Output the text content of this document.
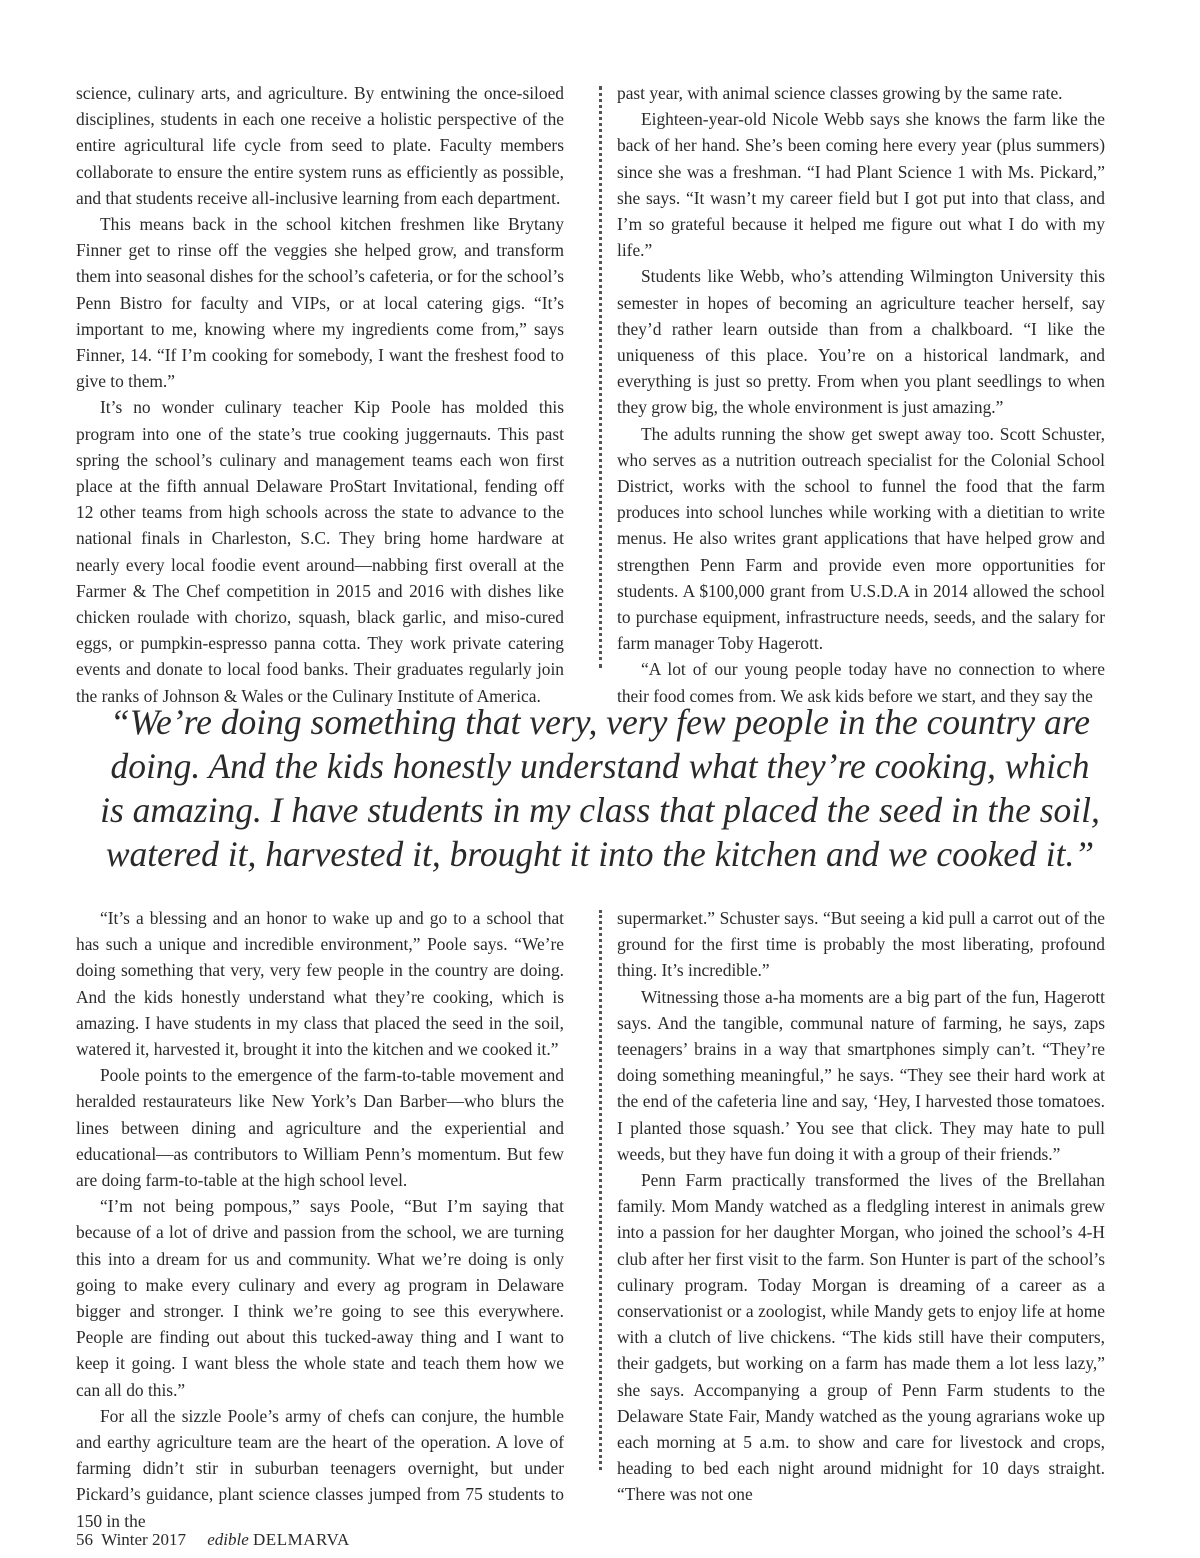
science, culinary arts, and agriculture. By entwining the once-siloed disciplines, students in each one receive a holistic perspective of the entire agricultural life cycle from seed to plate. Faculty members collaborate to ensure the entire system runs as efficiently as possible, and that students receive all-inclusive learning from each department.

This means back in the school kitchen freshmen like Brytany Finner get to rinse off the veggies she helped grow, and transform them into seasonal dishes for the school’s cafeteria, or for the school’s Penn Bistro for faculty and VIPs, or at local catering gigs. “It’s important to me, knowing where my ingredients come from,” says Finner, 14. “If I’m cooking for somebody, I want the freshest food to give to them.”

It’s no wonder culinary teacher Kip Poole has molded this program into one of the state’s true cooking juggernauts. This past spring the school’s culinary and management teams each won first place at the fifth annual Delaware ProStart Invitational, fending off 12 other teams from high schools across the state to advance to the national finals in Charleston, S.C. They bring home hardware at nearly every local foodie event around—nabbing first overall at the Farmer & The Chef competition in 2015 and 2016 with dishes like chicken roulade with chorizo, squash, black garlic, and miso-cured eggs, or pumpkin-espresso panna cotta. They work private catering events and donate to local food banks. Their graduates regularly join the ranks of Johnson & Wales or the Culinary Institute of America.

past year, with animal science classes growing by the same rate.

Eighteen-year-old Nicole Webb says she knows the farm like the back of her hand. She’s been coming here every year (plus summers) since she was a freshman. “I had Plant Science 1 with Ms. Pickard,” she says. “It wasn’t my career field but I got put into that class, and I’m so grateful because it helped me figure out what I do with my life.”

Students like Webb, who’s attending Wilmington University this semester in hopes of becoming an agriculture teacher herself, say they’d rather learn outside than from a chalkboard. “I like the uniqueness of this place. You’re on a historical landmark, and everything is just so pretty. From when you plant seedlings to when they grow big, the whole environment is just amazing.”

The adults running the show get swept away too. Scott Schuster, who serves as a nutrition outreach specialist for the Colonial School District, works with the school to funnel the food that the farm produces into school lunches while working with a dietitian to write menus. He also writes grant applications that have helped grow and strengthen Penn Farm and provide even more opportunities for students. A $100,000 grant from U.S.D.A in 2014 allowed the school to purchase equipment, infrastructure needs, seeds, and the salary for farm manager Toby Hagerott.

“A lot of our young people today have no connection to where their food comes from. We ask kids before we start, and they say the

“We’re doing something that very, very few people in the country are
doing. And the kids honestly understand what they’re cooking, which
is amazing. I have students in my class that placed the seed in the soil,
watered it, harvested it, brought it into the kitchen and we cooked it.”

“It’s a blessing and an honor to wake up and go to a school that has such a unique and incredible environment,” Poole says. “We’re doing something that very, very few people in the country are doing. And the kids honestly understand what they’re cooking, which is amazing. I have students in my class that placed the seed in the soil, watered it, harvested it, brought it into the kitchen and we cooked it.”

Poole points to the emergence of the farm-to-table movement and heralded restaurateurs like New York’s Dan Barber—who blurs the lines between dining and agriculture and the experiential and educational—as contributors to William Penn’s momentum. But few are doing farm-to-table at the high school level.

“I’m not being pompous,” says Poole, “But I’m saying that because of a lot of drive and passion from the school, we are turning this into a dream for us and community. What we’re doing is only going to make every culinary and every ag program in Delaware bigger and stronger. I think we’re going to see this everywhere. People are finding out about this tucked-away thing and I want to keep it going. I want bless the whole state and teach them how we can all do this.”

For all the sizzle Poole’s army of chefs can conjure, the humble and earthy agriculture team are the heart of the operation. A love of farming didn’t stir in suburban teenagers overnight, but under Pickard’s guidance, plant science classes jumped from 75 students to 150 in the

supermarket.” Schuster says. “But seeing a kid pull a carrot out of the ground for the first time is probably the most liberating, profound thing. It’s incredible.”

Witnessing those a-ha moments are a big part of the fun, Hagerott says. And the tangible, communal nature of farming, he says, zaps teenagers’ brains in a way that smartphones simply can’t. “They’re doing something meaningful,” he says. “They see their hard work at the end of the cafeteria line and say, ‘Hey, I harvested those tomatoes. I planted those squash.’ You see that click. They may hate to pull weeds, but they have fun doing it with a group of their friends.”

Penn Farm practically transformed the lives of the Brellahan family. Mom Mandy watched as a fledgling interest in animals grew into a passion for her daughter Morgan, who joined the school’s 4-H club after her first visit to the farm. Son Hunter is part of the school’s culinary program. Today Morgan is dreaming of a career as a conservationist or a zoologist, while Mandy gets to enjoy life at home with a clutch of live chickens. “The kids still have their computers, their gadgets, but working on a farm has made them a lot less lazy,” she says. Accompanying a group of Penn Farm students to the Delaware State Fair, Mandy watched as the young agrarians woke up each morning at 5 a.m. to show and care for livestock and crops, heading to bed each night around midnight for 10 days straight. “There was not one

56 Winter 2017 edible DELMARVA
